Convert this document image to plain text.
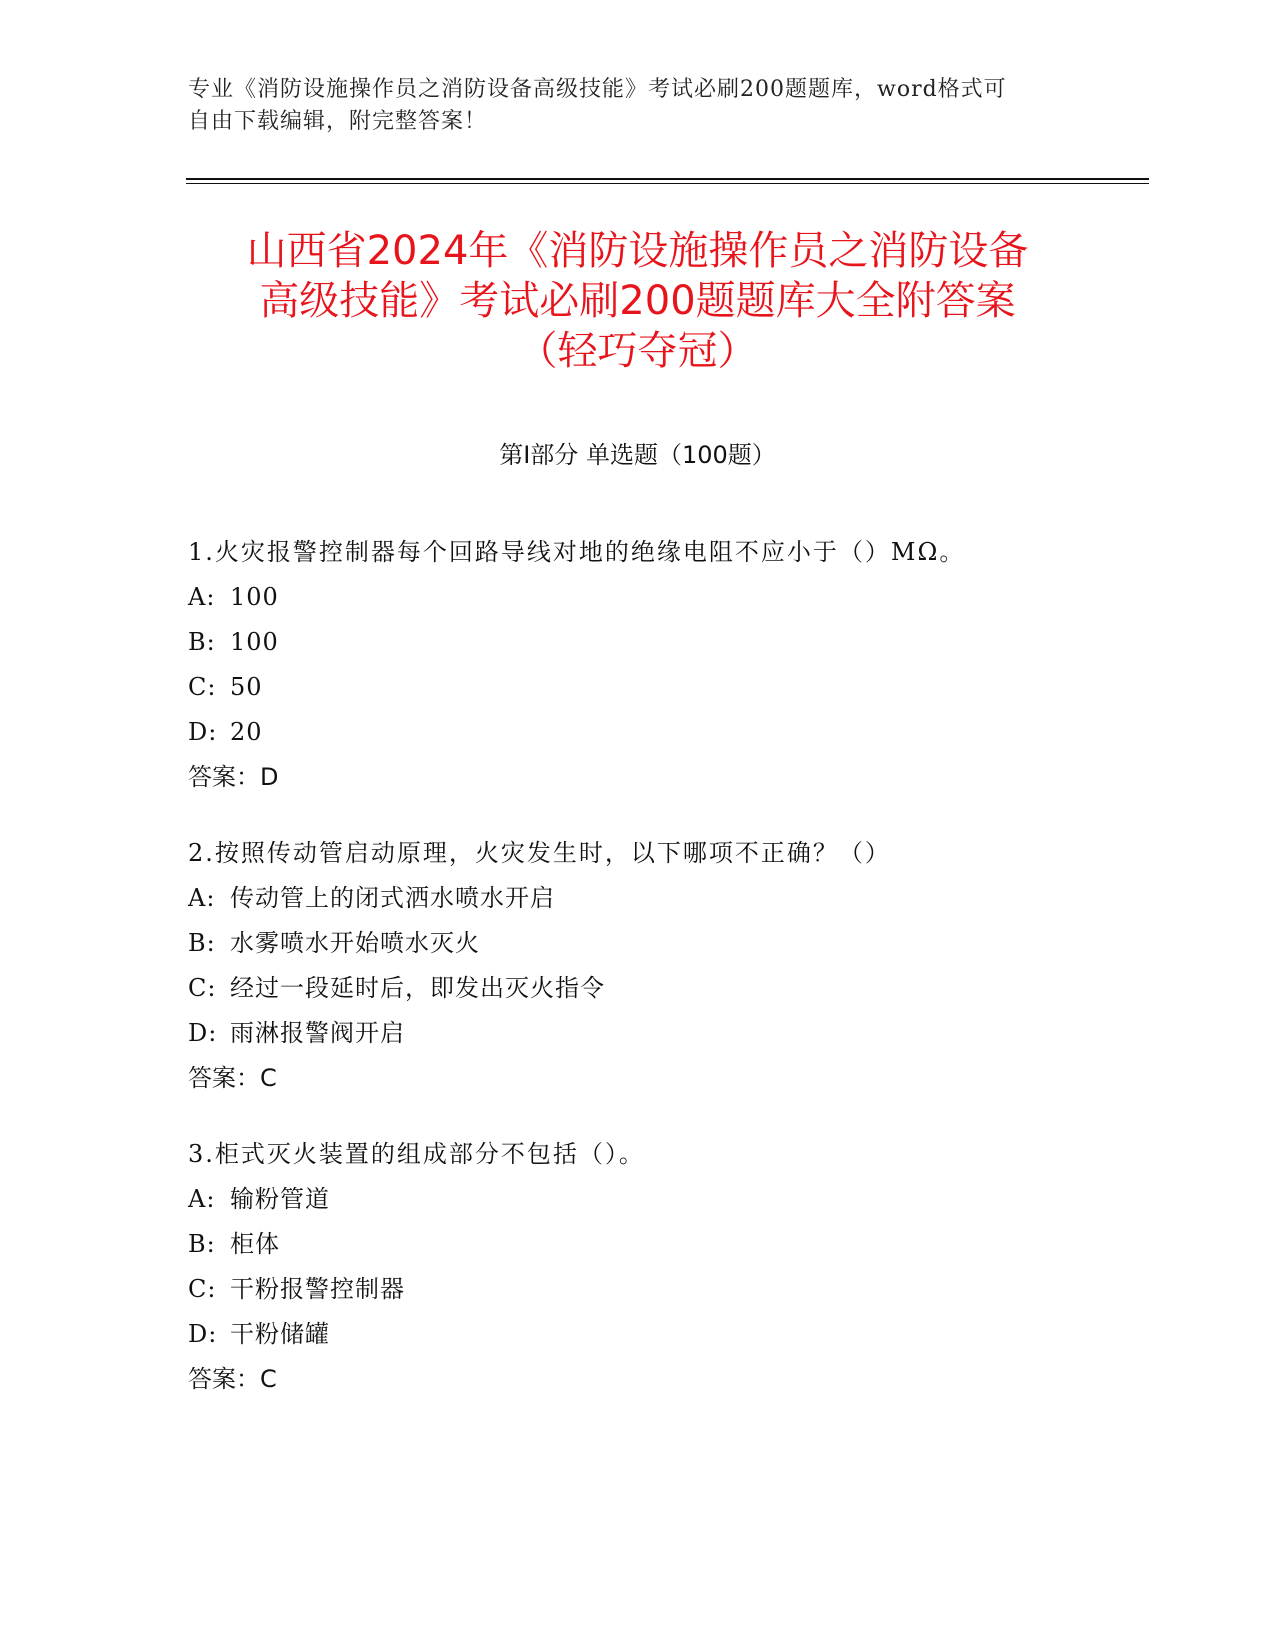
专业《消防设施操作员之消防设备高级技能》考试必刷200题题库，word格式可
自由下载编辑，附完整答案！
山西省2024年《消防设施操作员之消防设备
高级技能》考试必刷200题题库大全附答案
（轻巧夺冠）
第Ⅰ部分 单选题（100题）
1.火灾报警控制器每个回路导线对地的绝缘电阻不应小于（）MΩ。
A: 100
B: 100
C: 50
D: 20
答案：D
2.按照传动管启动原理，火灾发生时，以下哪项不正确？（）
A: 传动管上的闭式洒水喷水开启
B: 水雾喷水开始喷水灭火
C: 经过一段延时后，即发出灭火指令
D: 雨淋报警阀开启
答案：C
3.柜式灭火装置的组成部分不包括（）。
A: 输粉管道
B: 柜体
C: 干粉报警控制器
D: 干粉储罐
答案：C
